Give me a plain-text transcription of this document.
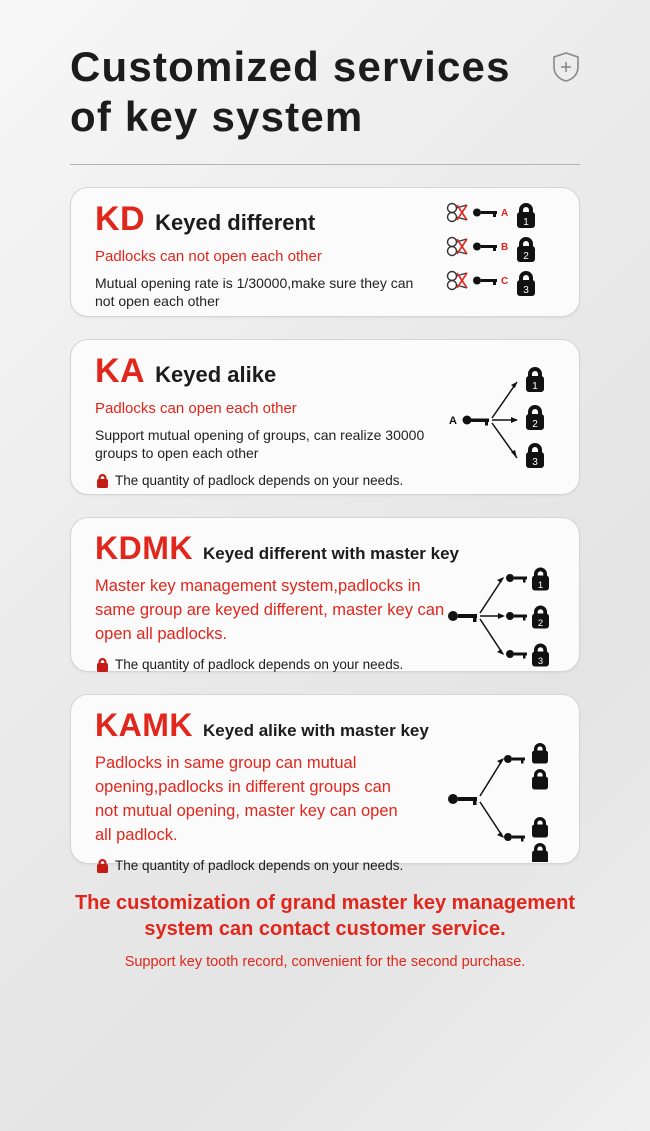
Customized services of key system
KD Keyed different
Padlocks can not open each other
Mutual opening rate is 1/30000,make sure they can not open each other
A
1
B
2
C
3
KA Keyed alike
Padlocks can open each other
Support mutual opening of groups, can realize 30000 groups to open each other
The quantity of padlock depends on your needs.
A
1
2
3
KDMK Keyed different with master key
Master key management system,padlocks in same group are keyed different, master key can open all padlocks.
The quantity of padlock depends on your needs.
1
2
3
KAMK Keyed alike with master key
Padlocks in same group can mutual opening,padlocks in different groups can not mutual opening, master key can open all padlock.
The quantity of padlock depends on your needs.
The customization of grand master key management system can contact customer service.
Support key tooth record, convenient for the second purchase.
